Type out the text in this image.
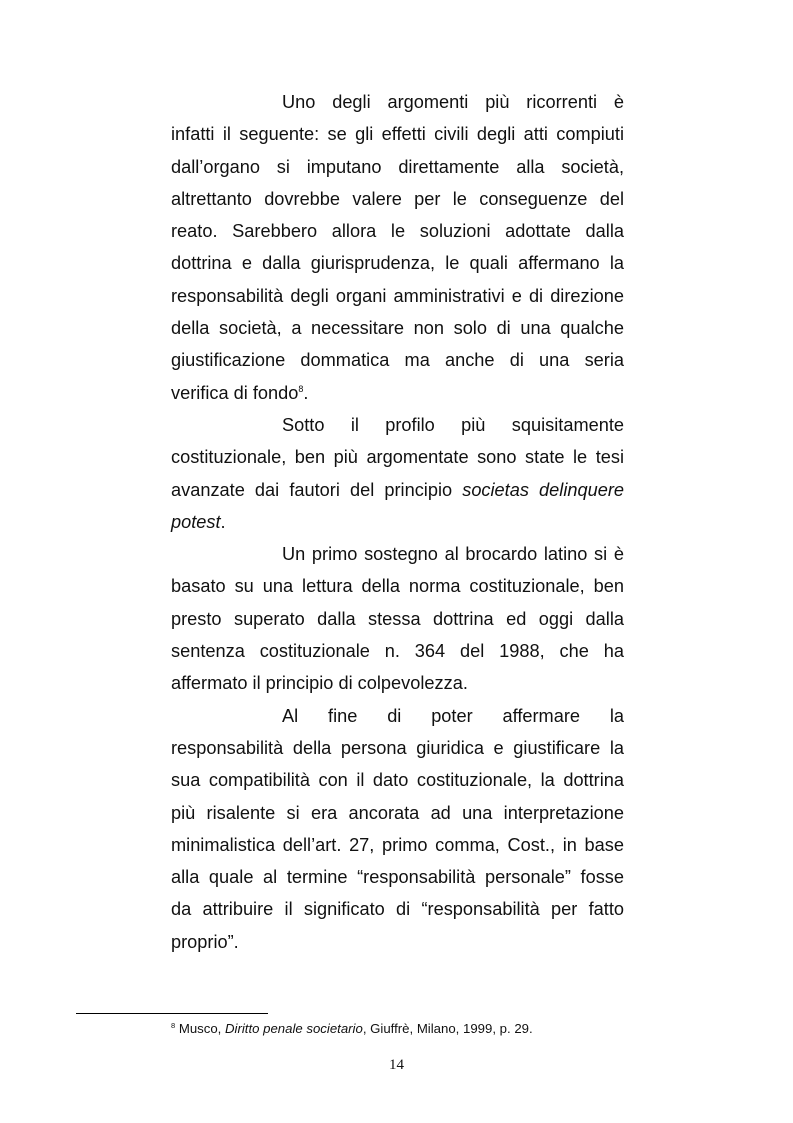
Uno degli argomenti più ricorrenti è
infatti il seguente: se gli effetti civili degli atti compiuti
dall’organo si imputano direttamente alla società,
altrettanto dovrebbe valere per le conseguenze del
reato. Sarebbero allora le soluzioni adottate dalla
dottrina e dalla giurisprudenza, le quali affermano la
responsabilità degli organi amministrativi e di direzione
della società, a necessitare non solo di una qualche
giustificazione dommatica ma anche di una seria
verifica di fondo$^8$.
Sotto il profilo più squisitamente
costituzionale, ben più argomentate sono state le tesi
avanzate dai fautori del principio societas delinquere
potest.
Un primo sostegno al brocardo latino si è
basato su una lettura della norma costituzionale, ben
presto superato dalla stessa dottrina ed oggi dalla
sentenza costituzionale n. 364 del 1988, che ha
affermato il principio di colpevolezza.
Al fine di poter affermare la
responsabilità della persona giuridica e giustificare la
sua compatibilità con il dato costituzionale, la dottrina
più risalente si era ancorata ad una interpretazione
minimalistica dell’art. 27, primo comma, Cost., in base
alla quale al termine “responsabilità personale” fosse
da attribuire il significato di “responsabilità per fatto
proprio”.
$^8$ Musco, Diritto penale societario, Giuffrè, Milano, 1999, p. 29.
14
